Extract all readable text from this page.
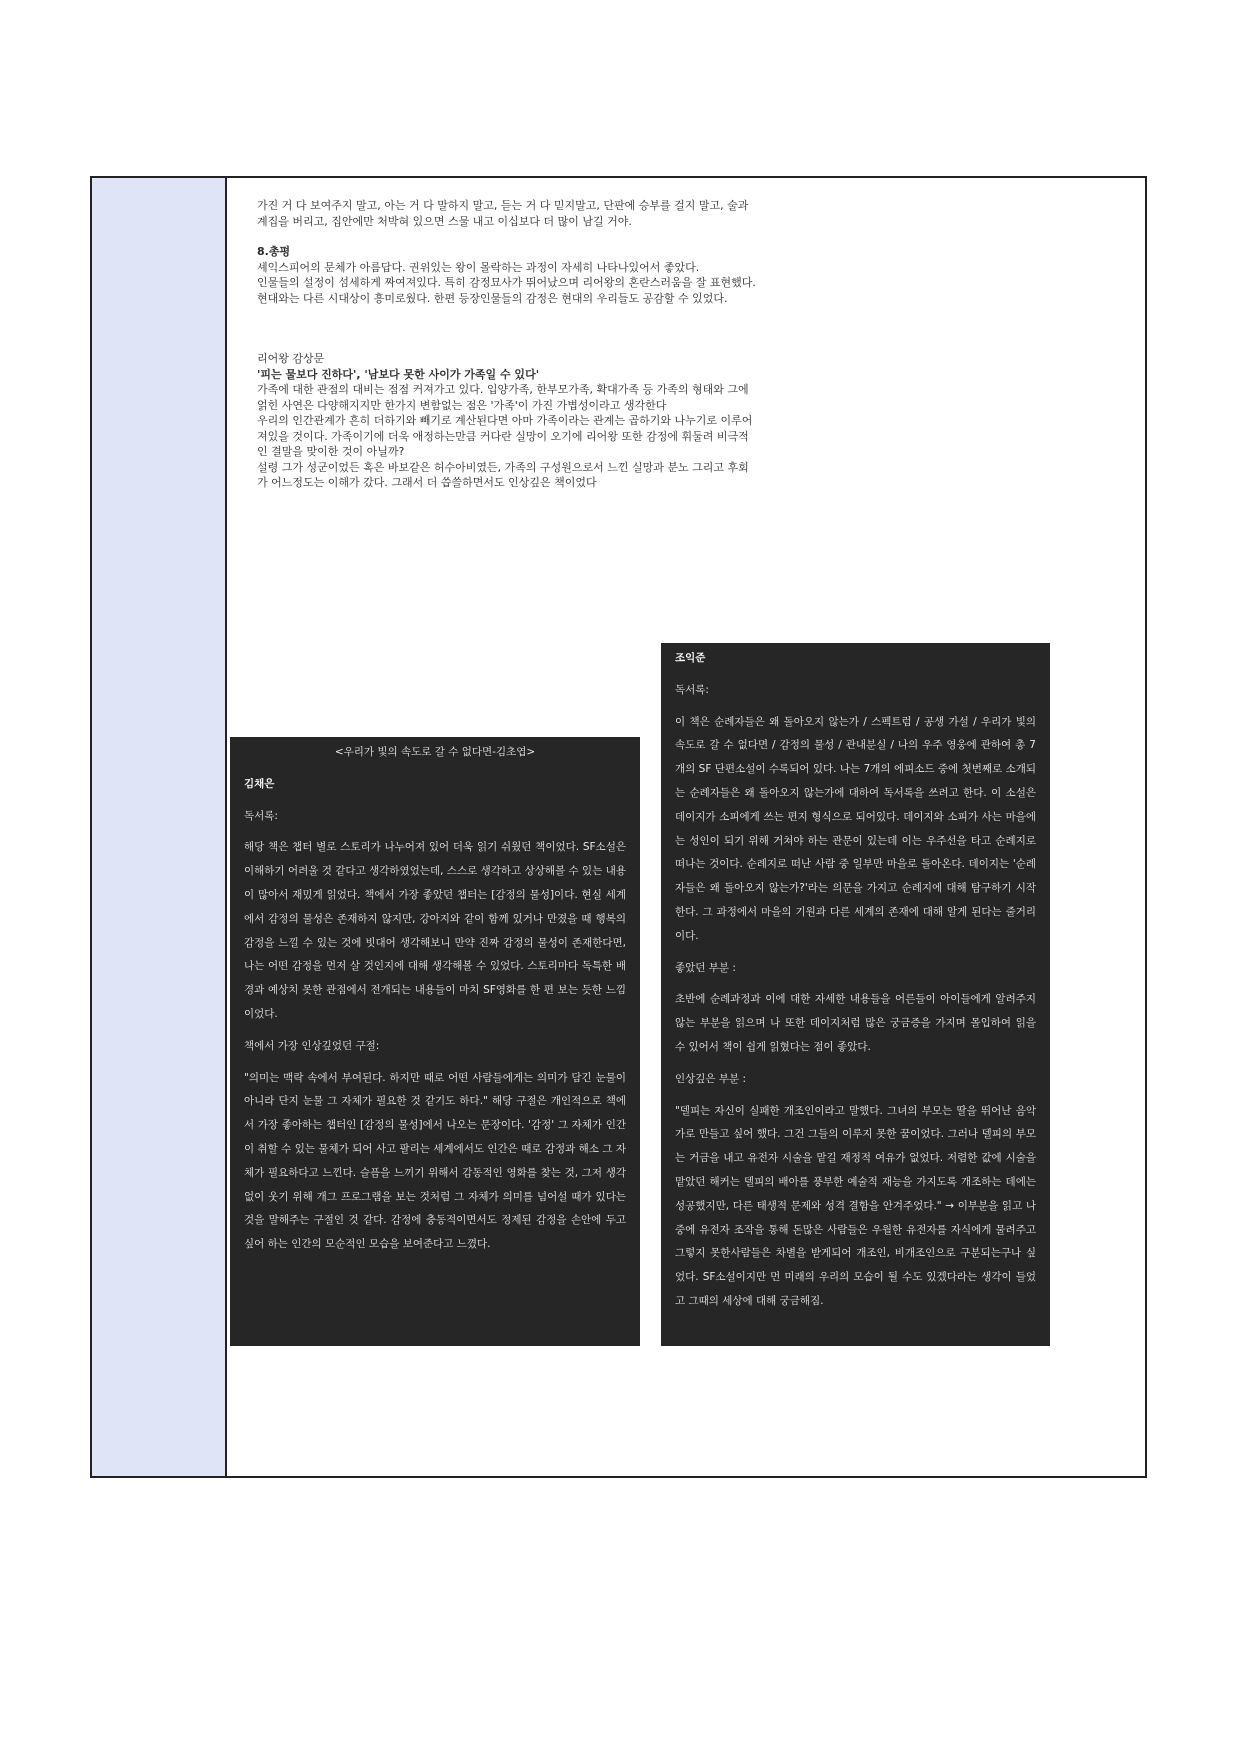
가진 거 다 보여주지 말고, 아는 거 다 말하지 말고, 듣는 거 다 믿지말고, 단판에 승부를 걸지 말고, 술과 계집을 버리고, 집안에만 처박혀 있으면 스물 내고 이십보다 더 많이 남길 거야.

8.총평

셰익스피어의 문체가 아름답다. 권위있는 왕이 몰락하는 과정이 자세히 나타나있어서 좋았다.

인물들의 설정이 섬세하게 짜여져있다. 특히 감정묘사가 뛰어났으며 리어왕의 혼란스러움을 잘 표현했다. 현대와는 다른 시대상이 흥미로웠다. 한편 등장인물들의 감정은 현대의 우리들도 공감할 수 있었다.

리어왕 감상문

'피는 물보다 진하다', '남보다 못한 사이가 가족일 수 있다'

가족에 대한 관점의 대비는 점점 커져가고 있다. 입양가족, 한부모가족, 확대가족 등 가족의 형태와 그에 얽힌 사연은 다양해지지만 한가지 변함없는 점은 '가족'이 가진 가볍성이라고 생각한다

우리의 인간관계가 흔히 더하기와 빼기로 계산된다면 아마 가족이라는 관계는 곱하기와 나누기로 이루어져있을 것이다. 가족이기에 더욱 애정하는만큼 커다란 실망이 오기에 리어왕 또한 감정에 휘둘려 비극적인 결말을 맞이한 것이 아닐까?

설령 그가 성군이었든 혹은 바보같은 허수아비였든, 가족의 구성원으로서 느낀 실망과 분노 그리고 후회가 어느정도는 이해가 갔다. 그래서 더 씁쓸하면서도 인상깊은 책이었다

<우리가 빛의 속도로 갈 수 없다면-김초엽>

김채은

독서록:

해당 책은 챕터 별로 스토리가 나누어져 있어 더욱 읽기 쉬웠던 책이었다. SF소설은 이해하기 어려울 것 같다고 생각하였었는데, 스스로 생각하고 상상해볼 수 있는 내용이 많아서 재밌게 읽었다. 책에서 가장 좋았던 챕터는 [감정의 물성]이다. 현실 세계에서 감정의 물성은 존재하지 않지만, 강아지와 같이 함께 있거나 만졌을 때 행복의 감정을 느낄 수 있는 것에 빗대어 생각해보니 만약 진짜 감정의 물성이 존재한다면, 나는 어떤 감정을 먼저 살 것인지에 대해 생각해볼 수 있었다. 스토리마다 독특한 배경과 예상치 못한 관점에서 전개되는 내용들이 마치 SF영화를 한 편 보는 듯한 느낌이었다.

책에서 가장 인상깊었던 구절:

"의미는 맥락 속에서 부여된다. 하지만 때로 어떤 사람들에게는 의미가 담긴 눈물이 아니라 단지 눈물 그 자체가 필요한 것 같기도 하다." 해당 구절은 개인적으로 책에서 가장 좋아하는 챕터인 [감정의 물성]에서 나오는 문장이다. '감정' 그 자체가 인간이 취할 수 있는 물체가 되어 사고 팔리는 세계에서도 인간은 때로 감정과 해소 그 자체가 필요하다고 느낀다. 슬픔을 느끼기 위해서 감동적인 영화를 찾는 것, 그저 생각 없이 웃기 위해 개그 프로그램을 보는 것처럼 그 자체가 의미를 넘어설 때가 있다는 것을 말해주는 구절인 것 같다. 감정에 충동적이면서도 정제된 감정을 손안에 두고 싶어 하는 인간의 모순적인 모습을 보여준다고 느꼈다.

조익준

독서록:

이 책은 순례자들은 왜 돌아오지 않는가 / 스펙트럼 / 공생 가설 / 우리가 빛의 속도로 갈 수 없다면 / 감정의 물성 / 관내분실 / 나의 우주 영웅에 관하여 총 7개의 SF 단편소설이 수록되어 있다. 나는 7개의 에피소드 중에 첫번째로 소개되는 순례자들은 왜 돌아오지 않는가에 대하여 독서록을 쓰려고 한다. 이 소설은 데이지가 소피에게 쓰는 편지 형식으로 되어있다. 데이지와 소피가 사는 마을에는 성인이 되기 위해 거쳐야 하는 관문이 있는데 이는 우주선을 타고 순례지로 떠나는 것이다. 순례지로 떠난 사람 중 일부만 마을로 돌아온다. 데이지는 '순례자들은 왜 돌아오지 않는가?'라는 의문을 가지고 순례지에 대해 탐구하기 시작한다. 그 과정에서 마을의 기원과 다른 세계의 존재에 대해 알게 된다는 줄거리이다.

좋았던 부분 :

초반에 순례과정과 이에 대한 자세한 내용들을 어른들이 아이들에게 알려주지 않는 부분을 읽으며 나 또한 데이지처럼 많은 궁금증을 가지며 몰입하여 읽을 수 있어서 책이 쉽게 읽혔다는 점이 좋았다.

인상깊은 부분 :

"델피는 자신이 실패한 개조인이라고 말했다. 그녀의 부모는 딸을 뛰어난 음악가로 만들고 싶어 했다. 그건 그들의 이루지 못한 꿈이었다. 그러나 델피의 부모는 거금을 내고 유전자 시술을 맡길 재정적 여유가 없었다. 저렴한 값에 시술을 맡았던 해커는 델피의 배아를 풍부한 예술적 재능을 가지도록 개조하는 데에는 성공했지만, 다른 태생적 문제와 성격 결함을 안겨주었다." → 이부분을 읽고 나중에 유전자 조작을 통해 돈많은 사람들은 우월한 유전자를 자식에게 물려주고 그렇지 못한사람들은 차별을 받게되어 개조인, 비개조인으로 구분되는구나 싶었다. SF소설이지만 먼 미래의 우리의 모습이 될 수도 있겠다라는 생각이 들었고 그때의 세상에 대해 궁금해짐.
